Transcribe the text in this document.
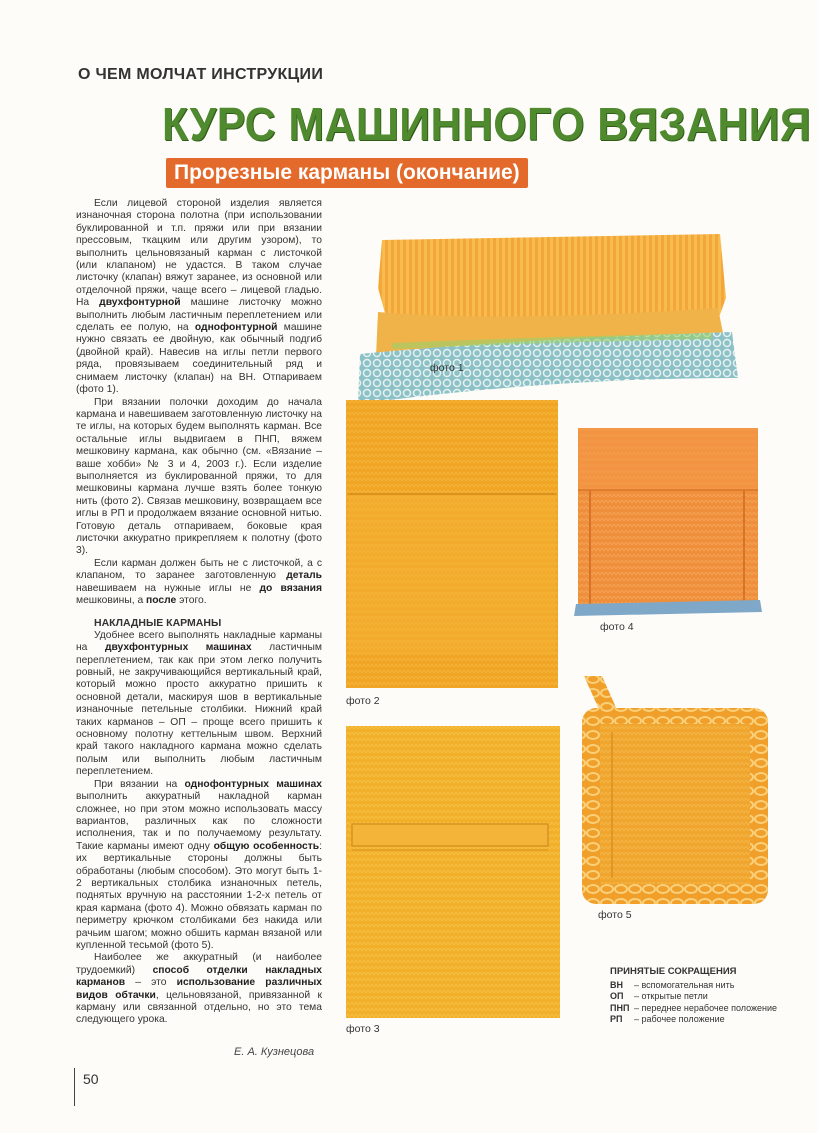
О ЧЕМ МОЛЧАТ ИНСТРУКЦИИ
КУРС МАШИННОГО ВЯЗАНИЯ
Прорезные карманы (окончание)

Если лицевой стороной изделия является изнаночная сторона полотна (при использовании буклированной и т.п. пряжи или при вязании прессовым, ткацким или другим узором), то выполнить цельновязаный карман с листочкой (или клапаном) не удастся. В таком случае листочку (клапан) вяжут заранее, из основной или отделочной пряжи, чаще всего – лицевой гладью. На двухфонтурной машине листочку можно выполнить любым ластичным переплетением или сделать ее полую, на однофонтурной машине нужно связать ее двойную, как обычный подгиб (двойной край). Навесив на иглы петли первого ряда, провязываем соединительный ряд и снимаем листочку (клапан) на ВН. Отпариваем (фото 1).

При вязании полочки доходим до начала кармана и навешиваем заготовленную листочку на те иглы, на которых будем выполнять карман. Все остальные иглы выдвигаем в ПНП, вяжем мешковину кармана, как обычно (см. «Вязание – ваше хобби» № 3 и 4, 2003 г.). Если изделие выполняется из буклированной пряжи, то для мешковины кармана лучше взять более тонкую нить (фото 2). Связав мешковину, возвращаем все иглы в РП и продолжаем вязание основной нитью. Готовую деталь отпариваем, боковые края листочки аккуратно прикрепляем к полотну (фото 3).

Если карман должен быть не с листочкой, а с клапаном, то заранее заготовленную деталь навешиваем на нужные иглы не до вязания мешковины, а после этого.

НАКЛАДНЫЕ КАРМАНЫ

Удобнее всего выполнять накладные карманы на двухфонтурных машинах ластичным переплетением, так как при этом легко получить ровный, не закручивающийся вертикальный край, который можно просто аккуратно пришить к основной детали, маскируя шов в вертикальные изнаночные петельные столбики. Нижний край таких карманов – ОП – проще всего пришить к основному полотну кеттельным швом. Верхний край такого накладного кармана можно сделать полым или выполнить любым ластичным переплетением.

При вязании на однофонтурных машинах выполнить аккуратный накладной карман сложнее, но при этом можно использовать массу вариантов, различных как по сложности исполнения, так и по получаемому результату. Такие карманы имеют одну общую особенность: их вертикальные стороны должны быть обработаны (любым способом). Это могут быть 1-2 вертикальных столбика изнаночных петель, поднятых вручную на расстоянии 1-2-х петель от края кармана (фото 4). Можно обвязать карман по периметру крючком столбиками без накида или рачьим шагом; можно обшить карман вязаной или купленной тесьмой (фото 5).

Наиболее же аккуратный (и наиболее трудоемкий) способ отделки накладных карманов – это использование различных видов обтачки, цельновязаной, привязанной к карману или связанной отдельно, но это тема следующего урока.

Е. А. Кузнецова
50
фото 1
фото 2
фото 3
фото 4
фото 5
ПРИНЯТЫЕ СОКРАЩЕНИЯ
ВН	– вспомогательная нить
ОП	– открытые петли
ПНП – переднее нерабочее положение
РП	– рабочее положение
